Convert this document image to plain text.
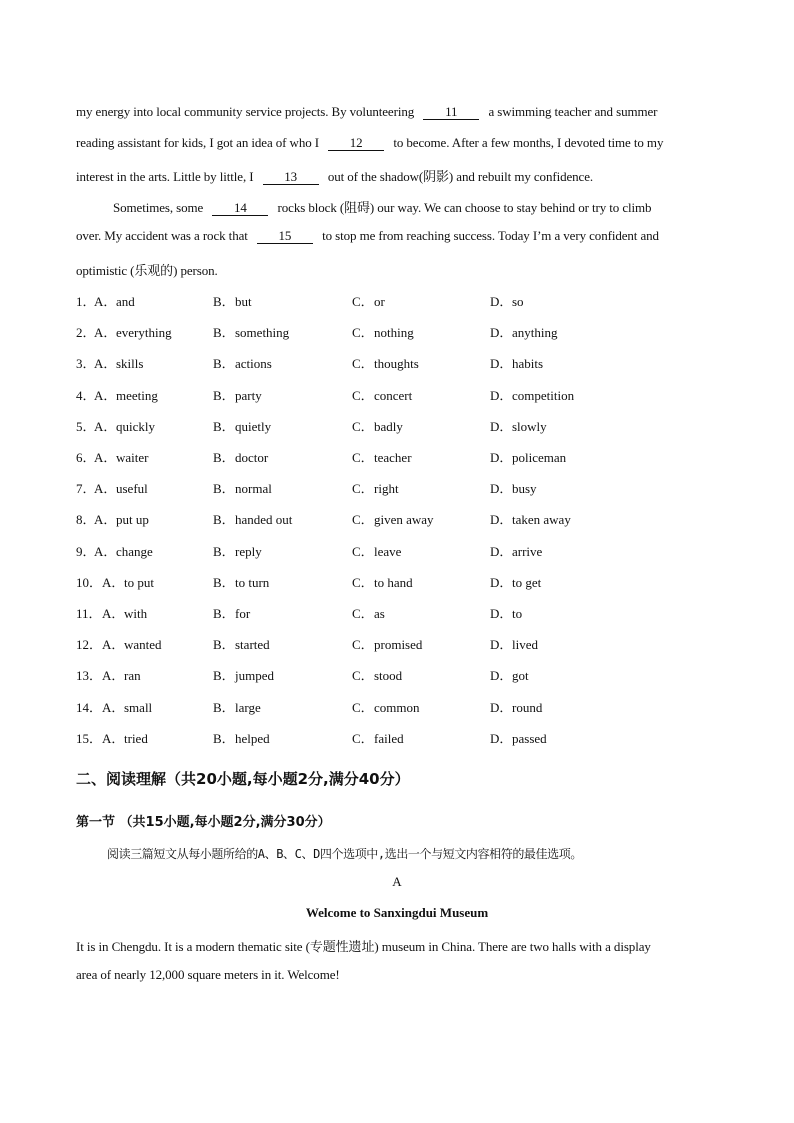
my energy into local community service projects. By volunteering 11 a swimming teacher and summer
reading assistant for kids, I got an idea of who I 12 to become. After a few months, I devoted time to my
interest in the arts. Little by little, I 13 out of the shadow(阴影) and rebuilt my confidence.
Sometimes, some 14 rocks block (阻碍) our way. We can choose to stay behind or try to climb
over. My accident was a rock that 15 to stop me from reaching success. Today I’m a very confident and
optimistic (乐观的) person.
1．
A．and	B．but	C．or	D．so
2．
A．everything	B．something	C．nothing	D．anything
3．
A．skills	B．actions	C．thoughts	D．habits
4．
A．meeting	B．party	C．concert	D．competition
5．
A．quickly	B．quietly	C．badly	D．slowly
6．
A．waiter	B．doctor	C．teacher	D．policeman
7．
A．useful	B．normal	C．right	D．busy
8．
A．put up	B．handed out	C．given away	D．taken away
9．
A．change	B．reply	C．leave	D．arrive
10． A．to put	B．to turn	C．to hand	D．to get
11． A．with	B．for	C．as	D．to
12． A．wanted	B．started	C．promised	D．lived
13． A．ran	B．jumped	C．stood	D．got
14． A．small	B．large	C．common	D．round
15． A．tried	B．helped	C．failed	D．passed
二、阅读理解（共20小题,每小题2分,满分40分）
第一节 （共15小题,每小题2分,满分30分）
阅读三篇短文从每小题所给的A、B、C、D四个选项中,选出一个与短文内容相符的最佳选项。
A
Welcome to Sanxingdui Museum
It is in Chengdu. It is a modern thematic site (专题性遗址) museum in China. There are two halls with a display
area of nearly 12,000 square meters in it. Welcome!
